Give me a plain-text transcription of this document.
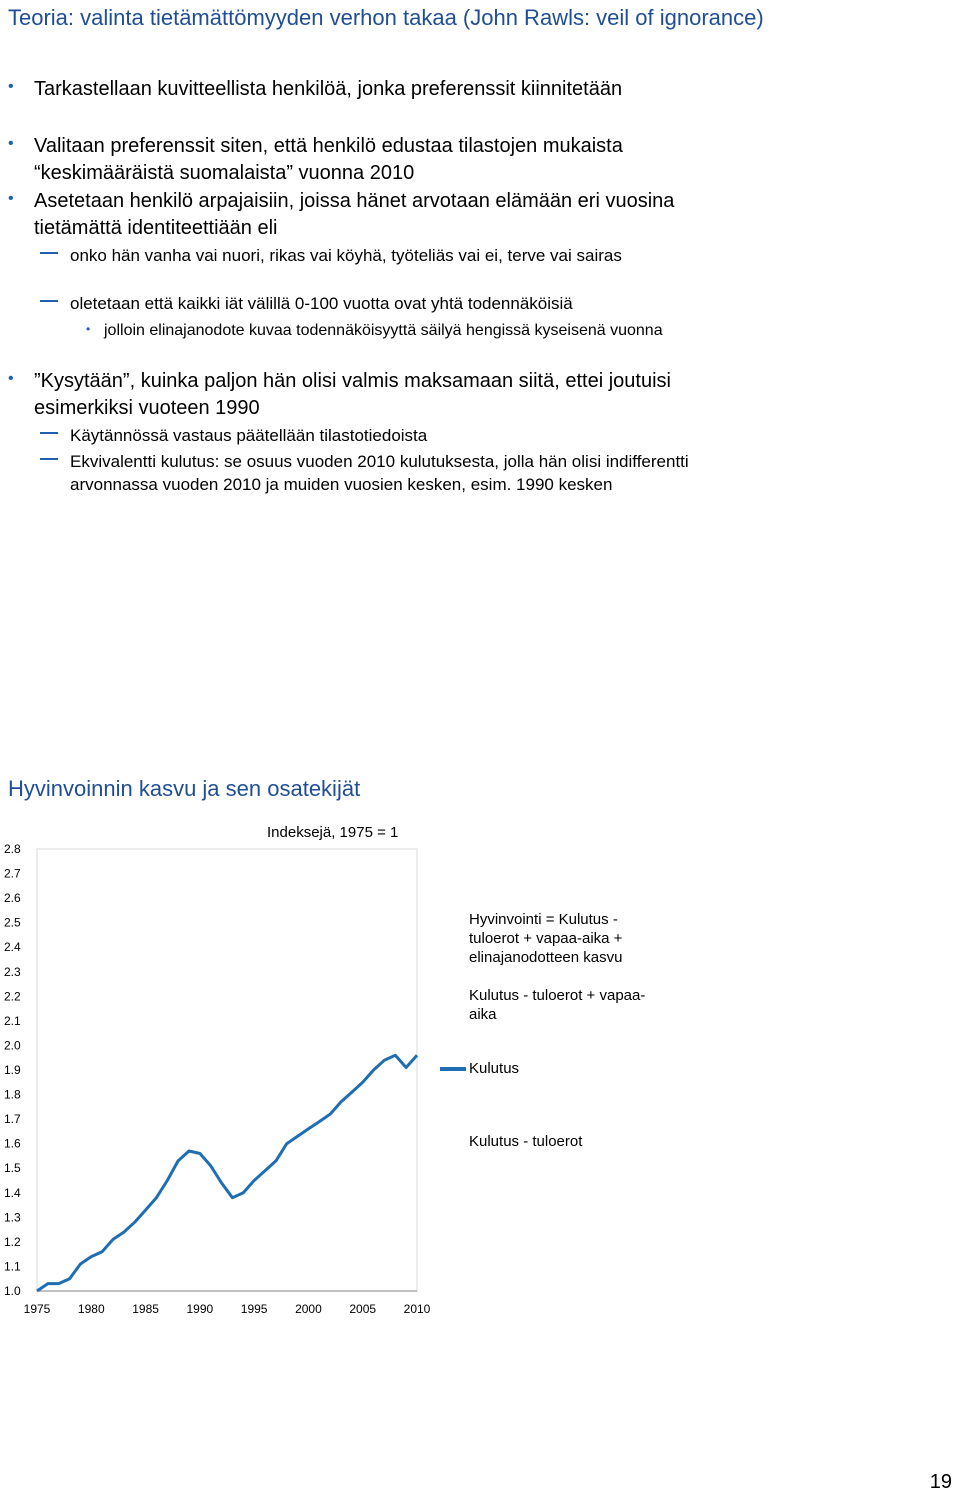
Teoria: valinta tietämättömyyden verhon takaa (John Rawls: veil of ignorance)
• Tarkastellaan kuvitteellista henkilöä, jonka preferenssit kiinnitetään
• Valitaan preferenssit siten, että henkilö edustaa tilastojen mukaista “keskimääräistä suomalaista” vuonna 2010
• Asetetaan henkilö arpajaisiin, joissa hänet arvotaan elämään eri vuosina tietämättä identiteettiään eli
onko hän vanha vai nuori, rikas vai köyhä, työteliäs vai ei, terve vai sairas
oletetaan että kaikki iät välillä 0-100 vuotta ovat yhtä todennäköisiä
• jolloin elinajanodote kuvaa todennäköisyyttä säilyä hengissä kyseisenä vuonna
• ”Kysytään”, kuinka paljon hän olisi valmis maksamaan siitä, ettei joutuisi esimerkiksi vuoteen 1990
Käytännössä vastaus päätellään tilastotiedoista
Ekvivalentti kulutus: se osuus vuoden 2010 kulutuksesta, jolla hän olisi indifferentti arvonnassa vuoden 2010 ja muiden vuosien kesken, esim. 1990 kesken
Hyvinvoinnin kasvu ja sen osatekijät
Indeksejä, 1975 = 1
1.0
1.1
1.2
1.3
1.4
1.5
1.6
1.7
1.8
1.9
2.0
2.1
2.2
2.3
2.4
2.5
2.6
2.7
2.8
1975 1980 1985 1990 1995 2000 2005 2010
Hyvinvointi = Kulutus - tuloerot + vapaa-aika + elinajanodotteen kasvu
Kulutus - tuloerot + vapaa-aika
Kulutus
Kulutus - tuloerot
19
